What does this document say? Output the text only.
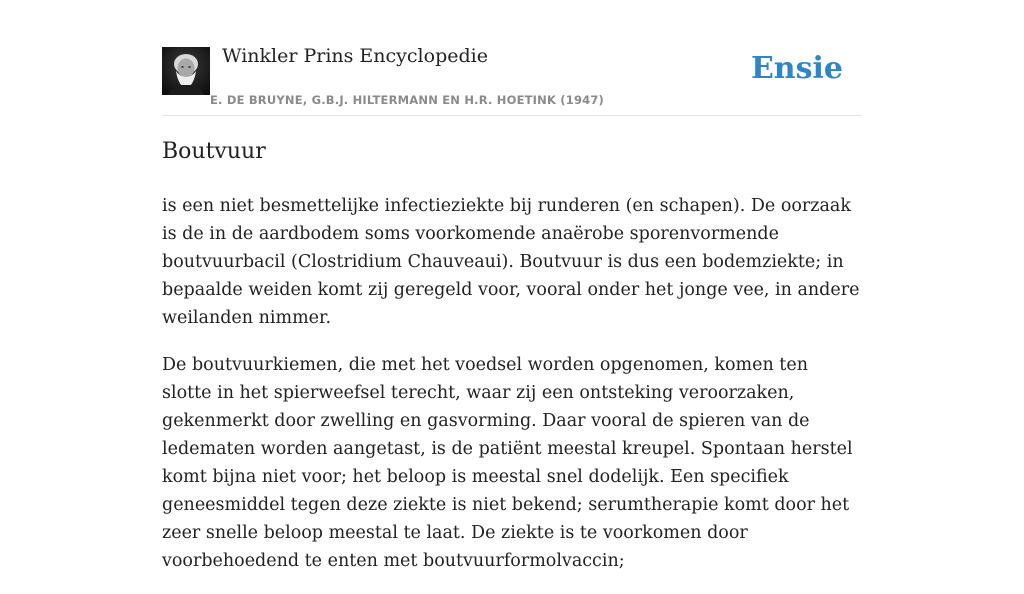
Winkler Prins Encyclopedie
E. DE BRUYNE, G.B.J. HILTERMANN EN H.R. HOETINK (1947)
Ensie
Boutvuur

is een niet besmettelijke infectieziekte bij runderen (en schapen). De oorzaak is de in de aardbodem soms voorkomende anaërobe sporenvormende boutvuurbacil (Clostridium Chauveaui). Boutvuur is dus een bodemziekte; in bepaalde weiden komt zij geregeld voor, vooral onder het jonge vee, in andere weilanden nimmer.

De boutvuurkiemen, die met het voedsel worden opgenomen, komen ten slotte in het spierweefsel terecht, waar zij een ontsteking veroorzaken, gekenmerkt door zwelling en gasvorming. Daar vooral de spieren van de ledematen worden aangetast, is de patiënt meestal kreupel. Spontaan herstel komt bijna niet voor; het beloop is meestal snel dodelijk. Een specifiek geneesmiddel tegen deze ziekte is niet bekend; serumtherapie komt door het zeer snelle beloop meestal te laat. De ziekte is te voorkomen door voorbehoedend te enten met boutvuurformolvaccin;
